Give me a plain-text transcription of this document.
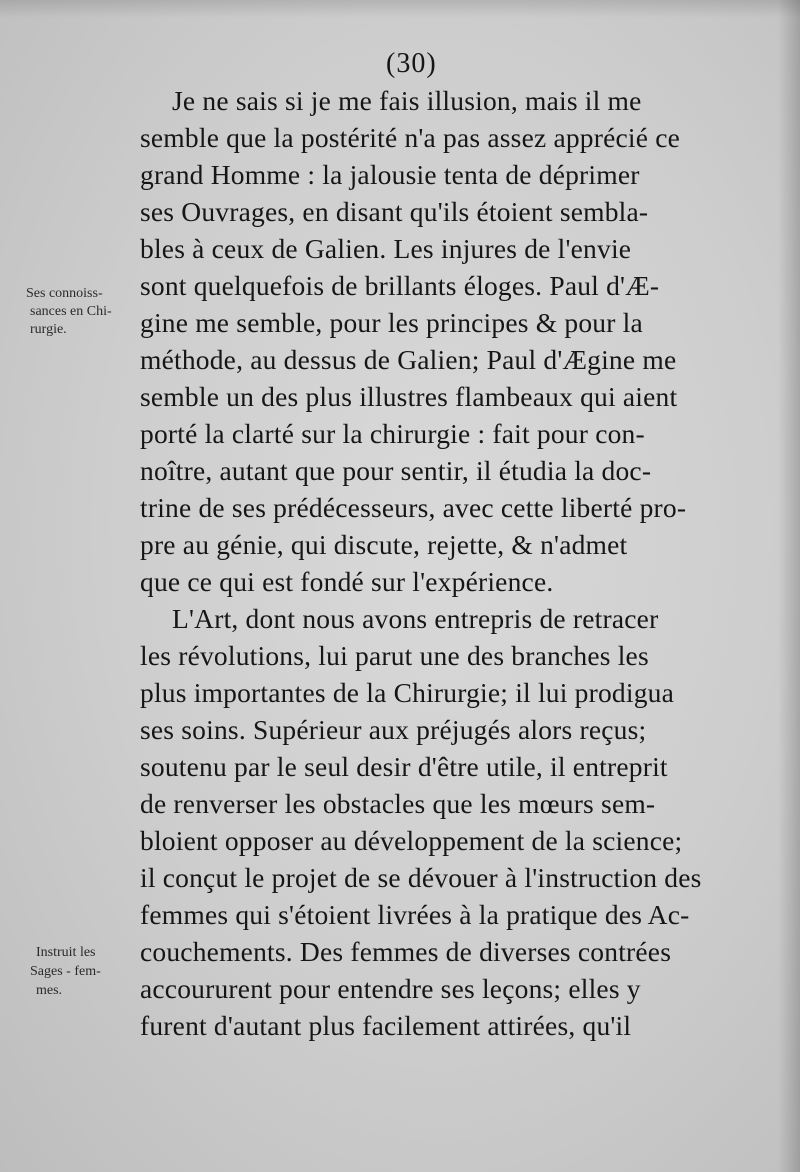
(30)
Ses connoiss-
sances en Chi-
rurgie.
Instruit les
Sages - fem-
mes.
Je ne sais si je me fais illusion, mais il me
semble que la postérité n'a pas assez apprécié ce
grand Homme : la jalousie tenta de déprimer
ses Ouvrages, en disant qu'ils étoient sembla-
bles à ceux de Galien. Les injures de l'envie
sont quelquefois de brillants éloges. Paul d'Æ-
gine me semble, pour les principes & pour la
méthode, au dessus de Galien; Paul d'Ægine me
semble un des plus illustres flambeaux qui aient
porté la clarté sur la chirurgie : fait pour con-
noître, autant que pour sentir, il étudia la doc-
trine de ses prédécesseurs, avec cette liberté pro-
pre au génie, qui discute, rejette, & n'admet
que ce qui est fondé sur l'expérience.
L'Art, dont nous avons entrepris de retracer
les révolutions, lui parut une des branches les
plus importantes de la Chirurgie; il lui prodigua
ses soins. Supérieur aux préjugés alors reçus;
soutenu par le seul desir d'être utile, il entreprit
de renverser les obstacles que les mœurs sem-
bloient opposer au développement de la science;
il conçut le projet de se dévouer à l'instruction des
femmes qui s'étoient livrées à la pratique des Ac-
couchements. Des femmes de diverses contrées
accoururent pour entendre ses leçons; elles y
furent d'autant plus facilement attirées, qu'il
